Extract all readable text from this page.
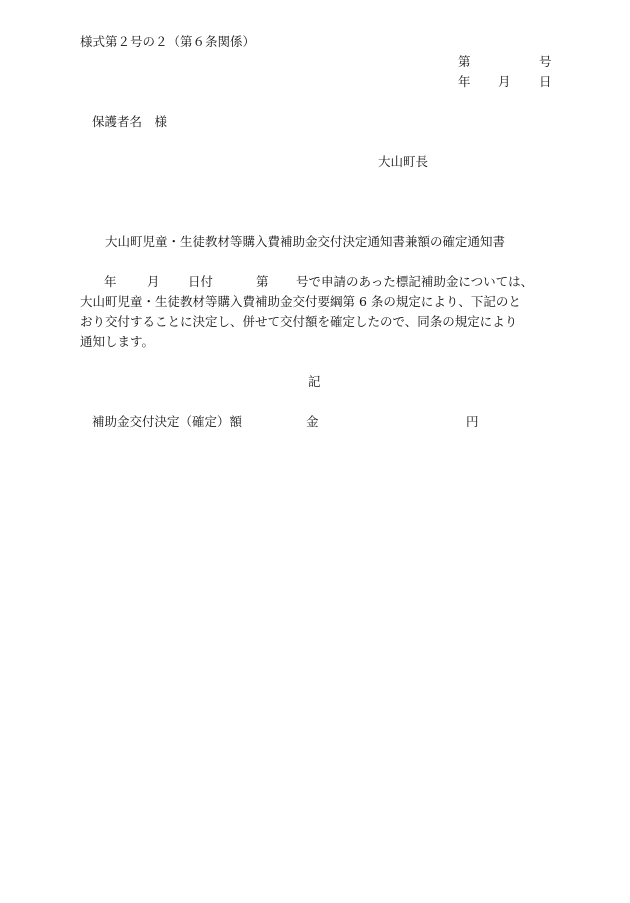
様式第２号の２（第６条関係）

第	号
年 月 日

保護者名　様

大山町長

大山町児童・生徒教材等購入費補助金交付決定通知書兼額の確定通知書
年 月 日付	第 号で申請のあった標記補助金については、

大山町児童・生徒教材等購入費補助金交付要綱第 6 条の規定により、下記のと

おり交付することに決定し、併せて交付額を確定したので、同条の規定により

通知します。

記

補助金交付決定（確定）額	金	円
